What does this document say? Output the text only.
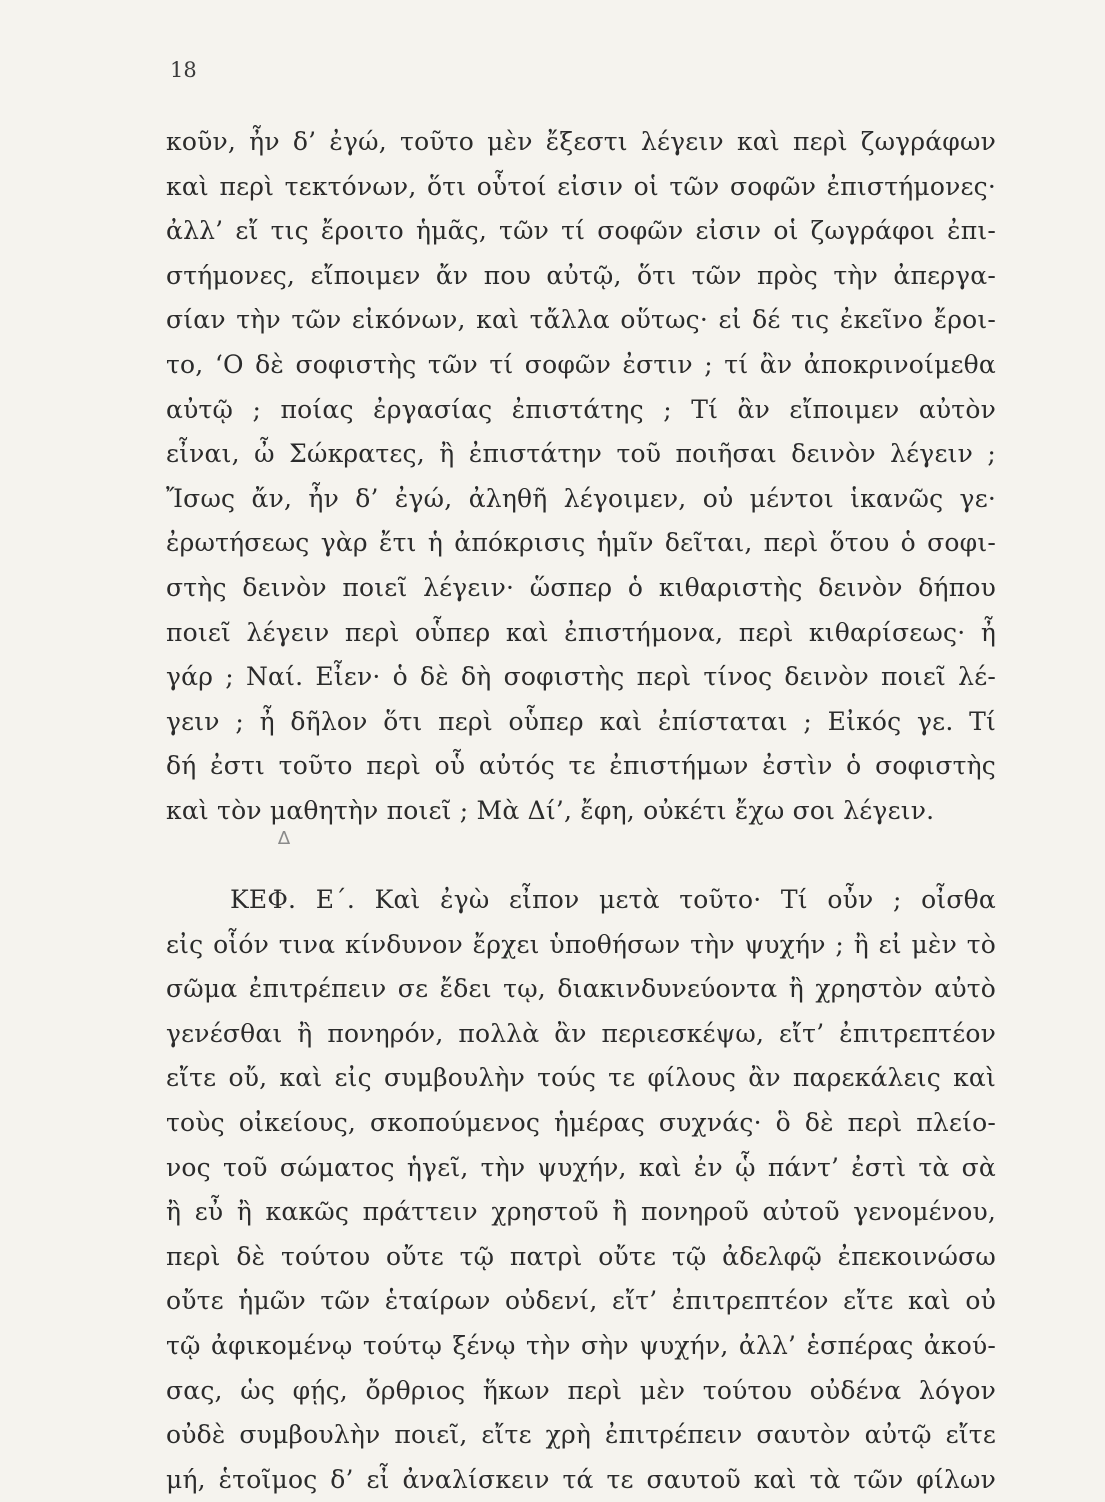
18
κοῦν, ἦν δ’ ἐγώ, τοῦτο μὲν ἔξεστι λέγειν καὶ περὶ ζωγράφων
καὶ περὶ τεκτόνων, ὅτι οὗτοί εἰσιν οἱ τῶν σοφῶν ἐπιστήμονες·
ἀλλ’ εἴ τις ἔροιτο ἡμᾶς, τῶν τί σοφῶν εἰσιν οἱ ζωγράφοι ἐπι-
στήμονες, εἴποιμεν ἄν που αὐτῷ, ὅτι τῶν πρὸς τὴν ἀπεργα-
σίαν τὴν τῶν εἰκόνων, καὶ τἄλλα οὕτως· εἰ δέ τις ἐκεῖνο ἔροι-
το, ‘Ο δὲ σοφιστὴς τῶν τί σοφῶν ἐστιν ; τί ἂν ἀποκρινοίμεθα
αὐτῷ ; ποίας ἐργασίας ἐπιστάτης ; Τί ἂν εἴποιμεν αὐτὸν
εἶναι, ὦ Σώκρατες, ἢ ἐπιστάτην τοῦ ποιῆσαι δεινὸν λέγειν ;
Ἴσως ἄν, ἦν δ’ ἐγώ, ἀληθῆ λέγοιμεν, οὐ μέντοι ἱκανῶς γε·
ἐρωτήσεως γὰρ ἔτι ἡ ἀπόκρισις ἡμῖν δεῖται, περὶ ὅτου ὁ σοφι-
στὴς δεινὸν ποιεῖ λέγειν· ὥσπερ ὁ κιθαριστὴς δεινὸν δήπου
ποιεῖ λέγειν περὶ οὗπερ καὶ ἐπιστήμονα, περὶ κιθαρίσεως· ἦ
γάρ ; Ναί. Εἶεν· ὁ δὲ δὴ σοφιστὴς περὶ τίνος δεινὸν ποιεῖ λέ-
γειν ; ἦ δῆλον ὅτι περὶ οὗπερ καὶ ἐπίσταται ; Εἰκός γε. Τί
δή ἐστι τοῦτο περὶ οὗ αὐτός τε ἐπιστήμων ἐστὶν ὁ σοφιστὴς
καὶ τὸν μαθητὴν ποιεῖ ; Μὰ Δί’, ἔφη, οὐκέτι ἔχω σοι λέγειν.
∆
ΚΕΦ. Ε΄. Καὶ ἐγὼ εἶπον μετὰ τοῦτο· Τί οὖν ; οἶσθα
εἰς οἷόν τινα κίνδυνον ἔρχει ὑποθήσων τὴν ψυχήν ; ἢ εἰ μὲν τὸ
σῶμα ἐπιτρέπειν σε ἔδει τῳ, διακινδυνεύοντα ἢ χρηστὸν αὐτὸ
γενέσθαι ἢ πονηρόν, πολλὰ ἂν περιεσκέψω, εἴτ’ ἐπιτρεπτέον
εἴτε οὔ, καὶ εἰς συμβουλὴν τούς τε φίλους ἂν παρεκάλεις καὶ
τοὺς οἰκείους, σκοπούμενος ἡμέρας συχνάς· ὃ δὲ περὶ πλείο-
νος τοῦ σώματος ἡγεῖ, τὴν ψυχήν, καὶ ἐν ᾧ πάντ’ ἐστὶ τὰ σὰ
ἢ εὖ ἢ κακῶς πράττειν χρηστοῦ ἢ πονηροῦ αὐτοῦ γενομένου,
περὶ δὲ τούτου οὔτε τῷ πατρὶ οὔτε τῷ ἀδελφῷ ἐπεκοινώσω
οὔτε ἡμῶν τῶν ἑταίρων οὐδενί, εἴτ’ ἐπιτρεπτέον εἴτε καὶ οὐ
τῷ ἀφικομένῳ τούτῳ ξένῳ τὴν σὴν ψυχήν, ἀλλ’ ἑσπέρας ἀκού-
σας, ὡς φῄς, ὄρθριος ἥκων περὶ μὲν τούτου οὐδένα λόγον
οὐδὲ συμβουλὴν ποιεῖ, εἴτε χρὴ ἐπιτρέπειν σαυτὸν αὐτῷ εἴτε
μή, ἑτοῖμος δ’ εἶ ἀναλίσκειν τά τε σαυτοῦ καὶ τὰ τῶν φίλων
